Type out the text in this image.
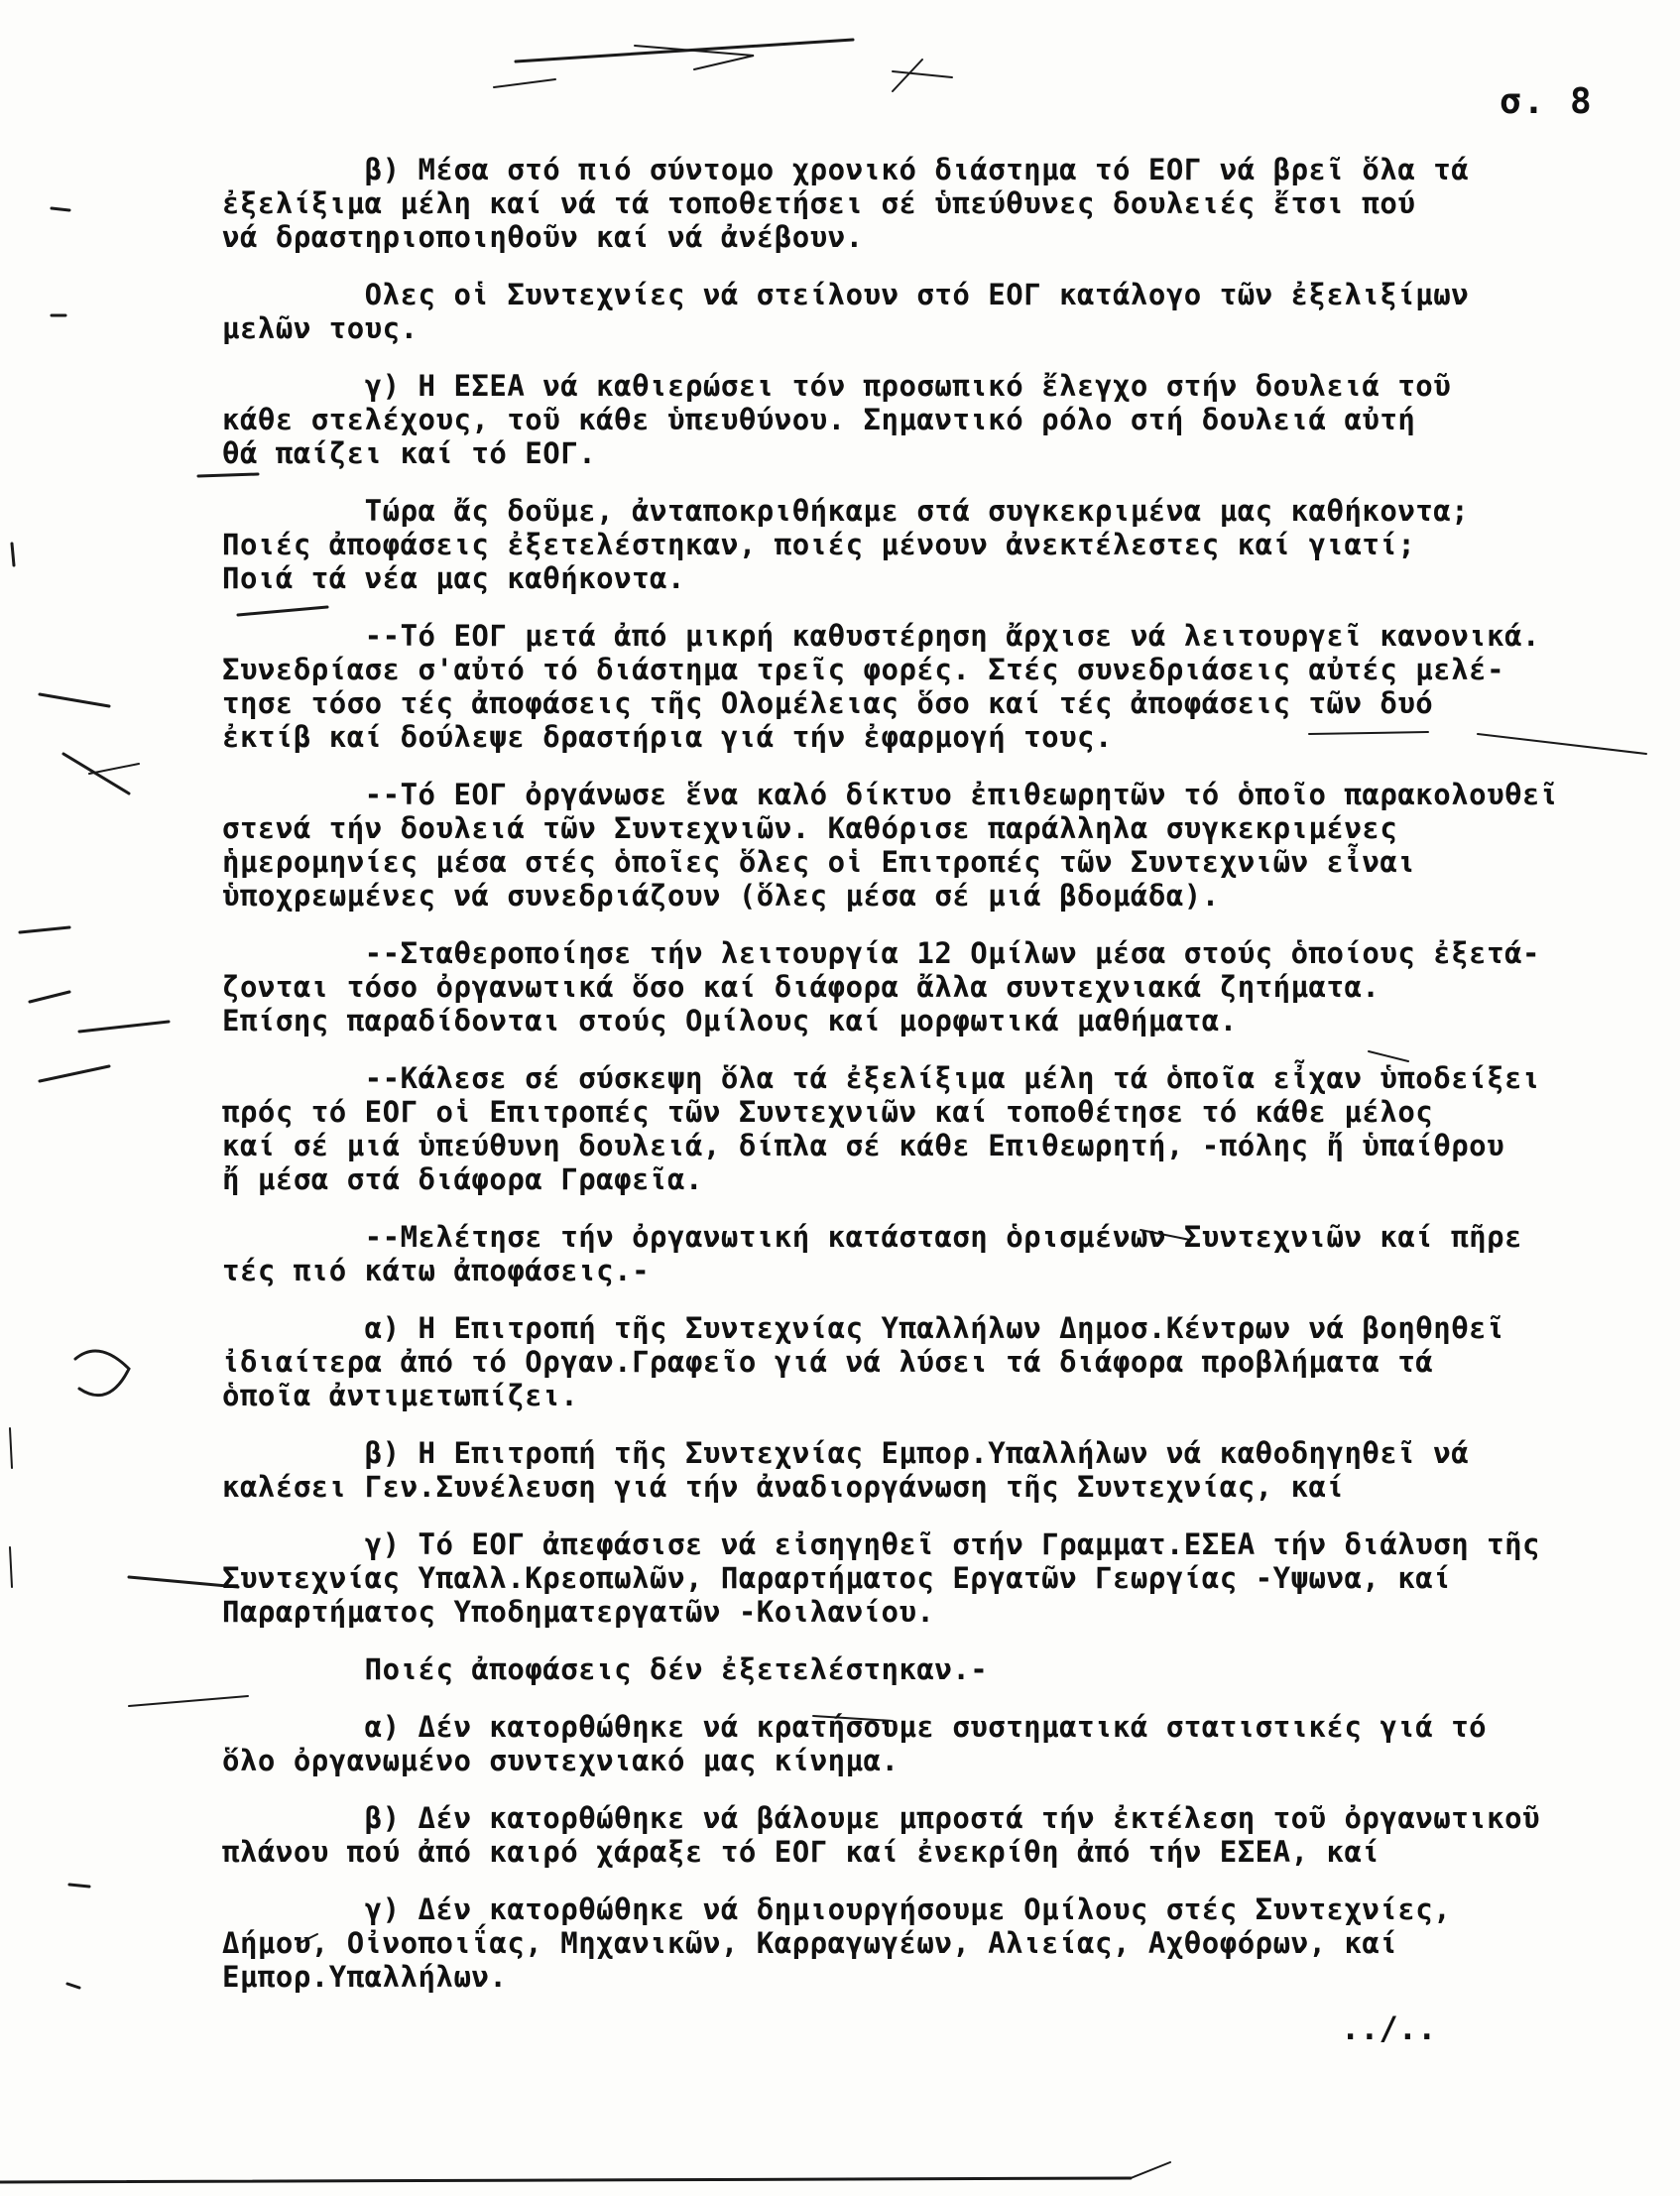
σ. 8
β) Μέσα στό πιό σύντομο χρονικό διάστημα τό ΕΟΓ νά βρεῖ ὅλα τά
ἐξελίξιμα μέλη καί νά τά τοποθετήσει σέ ὑπεύθυνες δουλειές ἔτσι πού
νά δραστηριοποιηθοῦν καί νά ἀνέβουν.
Ολες οἱ Συντεχνίες νά στείλουν στό ΕΟΓ κατάλογο τῶν ἐξελιξίμων
μελῶν τους.
γ) Η ΕΣΕΑ νά καθιερώσει τόν προσωπικό ἔλεγχο στήν δουλειά τοῦ
κάθε στελέχους, τοῦ κάθε ὑπευθύνου. Σημαντικό ρόλο στή δουλειά αὐτή
θά παίζει καί τό ΕΟΓ.
Τώρα ἄς δοῦμε, ἀνταποκριθήκαμε στά συγκεκριμένα μας καθήκοντα;
Ποιές ἀποφάσεις ἐξετελέστηκαν, ποιές μένουν ἀνεκτέλεστες καί γιατί;
Ποιά τά νέα μας καθήκοντα.
--Τό ΕΟΓ μετά ἀπό μικρή καθυστέρηση ἄρχισε νά λειτουργεῖ κανονικά.
Συνεδρίασε σ'αὐτό τό διάστημα τρεῖς φορές. Στές συνεδριάσεις αὐτές μελέ-
τησε τόσο τές ἀποφάσεις τῆς Ολομέλειας ὅσο καί τές ἀποφάσεις τῶν δυό
ἐκτίβ καί δούλεψε δραστήρια γιά τήν ἐφαρμογή τους.
--Τό ΕΟΓ ὀργάνωσε ἕνα καλό δίκτυο ἐπιθεωρητῶν τό ὁποῖο παρακολουθεῖ
στενά τήν δουλειά τῶν Συντεχνιῶν. Καθόρισε παράλληλα συγκεκριμένες
ἡμερομηνίες μέσα στές ὁποῖες ὅλες οἱ Επιτροπές τῶν Συντεχνιῶν εἶναι
ὑποχρεωμένες νά συνεδριάζουν (ὅλες μέσα σέ μιά βδομάδα).
--Σταθεροποίησε τήν λειτουργία 12 Ομίλων μέσα στούς ὁποίους ἐξετά-
ζονται τόσο ὀργανωτικά ὅσο καί διάφορα ἄλλα συντεχνιακά ζητήματα.
Επίσης παραδίδονται στούς Ομίλους καί μορφωτικά μαθήματα.
--Κάλεσε σέ σύσκεψη ὅλα τά ἐξελίξιμα μέλη τά ὁποῖα εἶχαν ὑποδείξει
πρός τό ΕΟΓ οἱ Επιτροπές τῶν Συντεχνιῶν καί τοποθέτησε τό κάθε μέλος
καί σέ μιά ὑπεύθυνη δουλειά, δίπλα σέ κάθε Επιθεωρητή, -πόλης ἤ ὑπαίθρου
ἤ μέσα στά διάφορα Γραφεῖα.
--Μελέτησε τήν ὀργανωτική κατάσταση ὁρισμένων Συντεχνιῶν καί πῆρε
τές πιό κάτω ἀποφάσεις.-
α) Η Επιτροπή τῆς Συντεχνίας Υπαλλήλων Δημοσ.Κέντρων νά βοηθηθεῖ
ἰδιαίτερα ἀπό τό Οργαν.Γραφεῖο γιά νά λύσει τά διάφορα προβλήματα τά
ὁποῖα ἀντιμετωπίζει.
β) Η Επιτροπή τῆς Συντεχνίας Εμπορ.Υπαλλήλων νά καθοδηγηθεῖ νά
καλέσει Γεν.Συνέλευση γιά τήν ἀναδιοργάνωση τῆς Συντεχνίας, καί
γ) Τό ΕΟΓ ἀπεφάσισε νά εἰσηγηθεῖ στήν Γραμματ.ΕΣΕΑ τήν διάλυση τῆς
Συντεχνίας Υπαλλ.Κρεοπωλῶν, Παραρτήματος Εργατῶν Γεωργίας -Υψωνα, καί
Παραρτήματος Υποδηματεργατῶν -Κοιλανίου.
Ποιές ἀποφάσεις δέν ἐξετελέστηκαν.-
α) Δέν κατορθώθηκε νά κρατήσουμε συστηματικά στατιστικές γιά τό
ὅλο ὀργανωμένο συντεχνιακό μας κίνημα.
β) Δέν κατορθώθηκε νά βάλουμε μπροστά τήν ἐκτέλεση τοῦ ὀργανωτικοῦ
πλάνου πού ἀπό καιρό χάραξε τό ΕΟΓ καί ἐνεκρίθη ἀπό τήν ΕΣΕΑ, καί
γ) Δέν κατορθώθηκε νά δημιουργήσουμε Ομίλους στές Συντεχνίες,
Δήμου, Οἰνοποιΐας, Μηχανικῶν, Καρραγωγέων, Αλιείας, Αχθοφόρων, καί
Εμπορ.Υπαλλήλων.
../..
